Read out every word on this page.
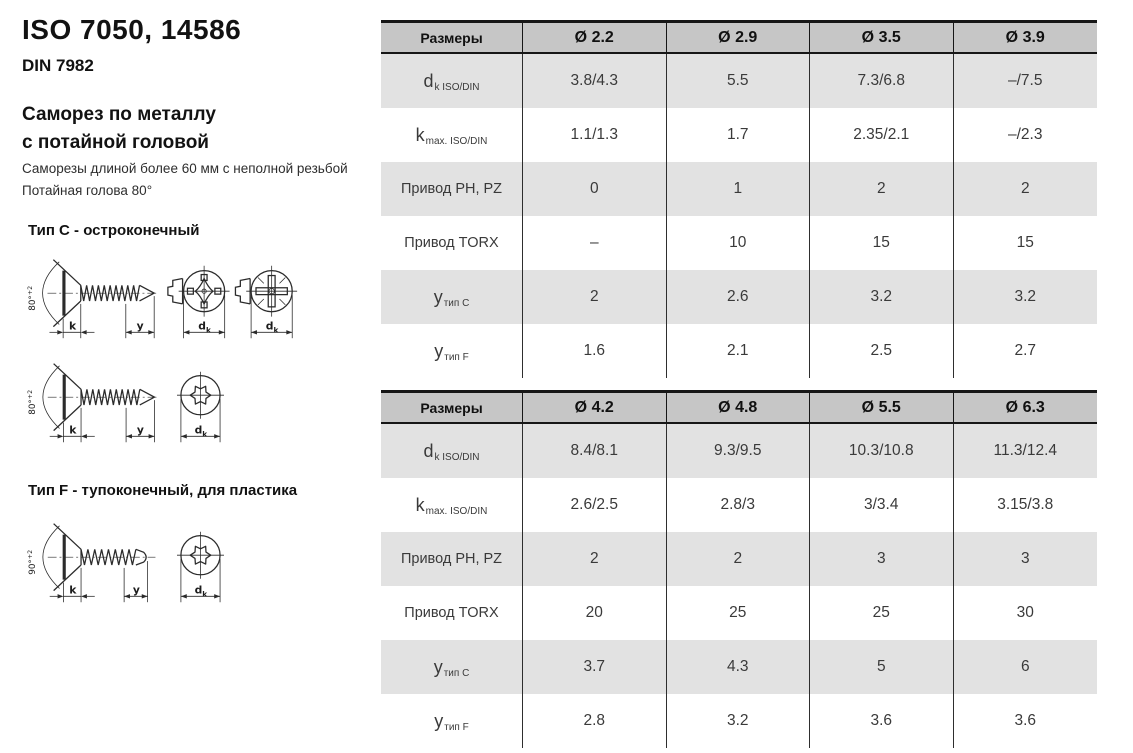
ISO 7050, 14586
DIN 7982
Саморез по металлу
с потайной головой
Саморезы длиной более 60 мм с неполной резьбой
Потайная голова 80°
Тип C - остроконечный
80°$^{+2}$
k	y	dk	dk
80°$^{+2}$
k	y	dk
Тип F - тупоконечный, для пластика
90°$^{+2}$
k	y	dk
Размеры	Ø 2.2	Ø 2.9	Ø 3.5	Ø 3.9
d k ISO/DIN	3.8/4.3	5.5	7.3/6.8	–/7.5
k max. ISO/DIN	1.1/1.3	1.7	2.35/2.1	–/2.3
Привод PH, PZ	0	1	2	2
Привод TORX	–	10	15	15
y тип C	2	2.6	3.2	3.2
y тип F	1.6	2.1	2.5	2.7
Размеры	Ø 4.2	Ø 4.8	Ø 5.5	Ø 6.3
d k ISO/DIN	8.4/8.1	9.3/9.5	10.3/10.8	11.3/12.4
k max. ISO/DIN	2.6/2.5	2.8/3	3/3.4	3.15/3.8
Привод PH, PZ	2	2	3	3
Привод TORX	20	25	25	30
y тип C	3.7	4.3	5	6
y тип F	2.8	3.2	3.6	3.6
